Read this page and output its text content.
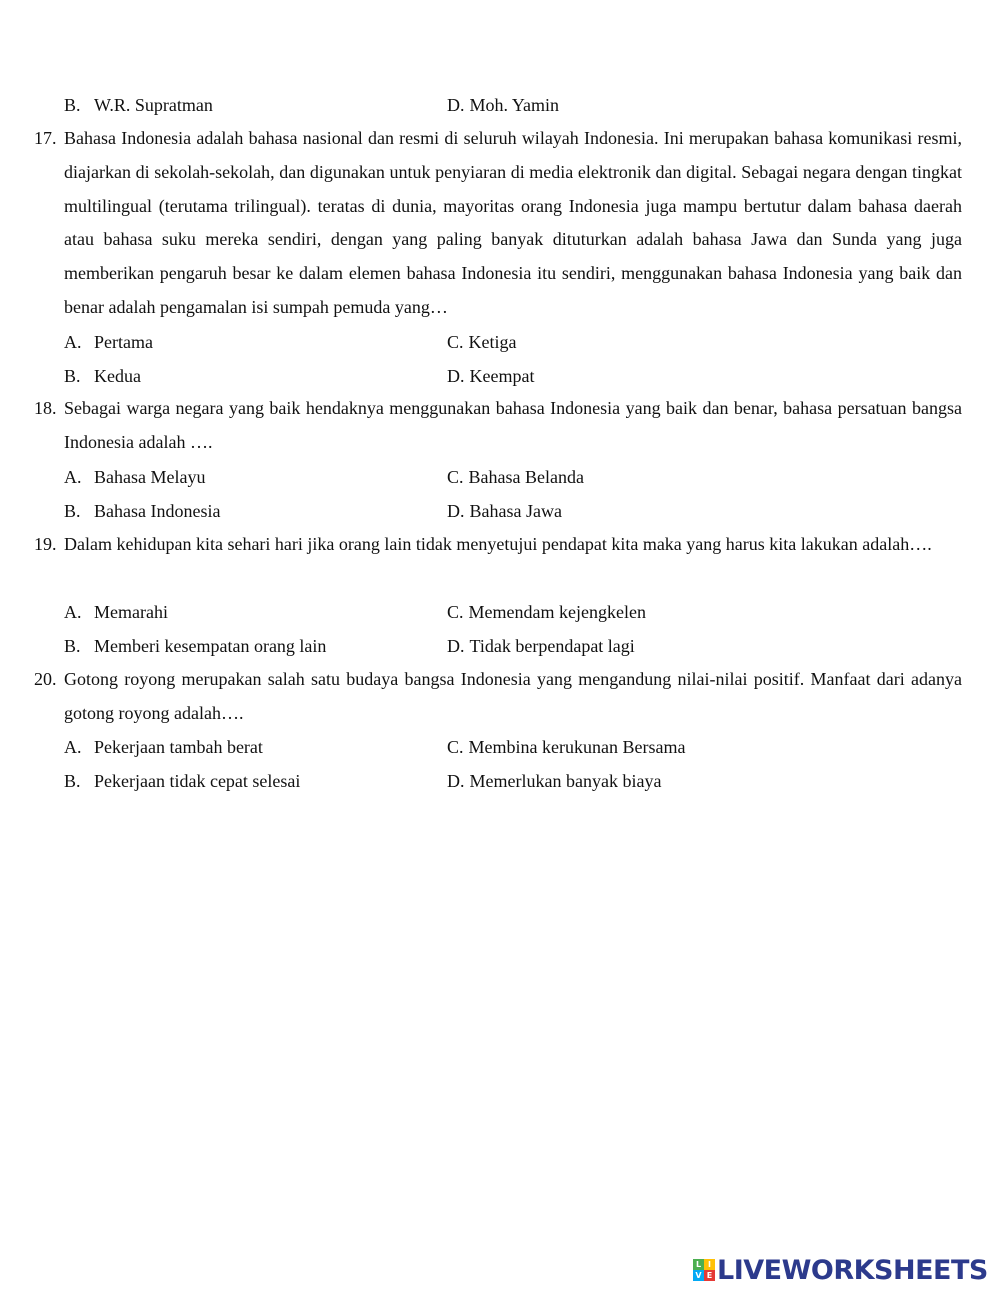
B. W.R. Supratman	D. Moh. Yamin
17. Bahasa Indonesia adalah bahasa nasional dan resmi di seluruh wilayah Indonesia. Ini merupakan bahasa komunikasi resmi, diajarkan di sekolah-sekolah, dan digunakan untuk penyiaran di media elektronik dan digital. Sebagai negara dengan tingkat multilingual (terutama trilingual). teratas di dunia, mayoritas orang Indonesia juga mampu bertutur dalam bahasa daerah atau bahasa suku mereka sendiri, dengan yang paling banyak dituturkan adalah bahasa Jawa dan Sunda yang juga memberikan pengaruh besar ke dalam elemen bahasa Indonesia itu sendiri, menggunakan bahasa Indonesia yang baik dan benar adalah pengamalan isi sumpah pemuda yang…
A. Pertama	C. Ketiga
B. Kedua	D. Keempat
18. Sebagai warga negara yang baik hendaknya menggunakan bahasa Indonesia yang baik dan benar, bahasa persatuan bangsa Indonesia adalah ….
A. Bahasa Melayu	C. Bahasa Belanda
B. Bahasa Indonesia	D. Bahasa Jawa
19. Dalam kehidupan kita sehari hari jika orang lain tidak menyetujui pendapat kita maka yang harus kita lakukan adalah….
A. Memarahi	C. Memendam kejengkelen
B. Memberi kesempatan orang lain	D. Tidak berpendapat lagi
20. Gotong royong merupakan salah satu budaya bangsa Indonesia yang mengandung nilai-nilai positif. Manfaat dari adanya gotong royong adalah….
A. Pekerjaan tambah berat	C. Membina kerukunan Bersama
B. Pekerjaan tidak cepat selesai	D. Memerlukan banyak biaya
L I
V E LIVEWORKSHEETS
